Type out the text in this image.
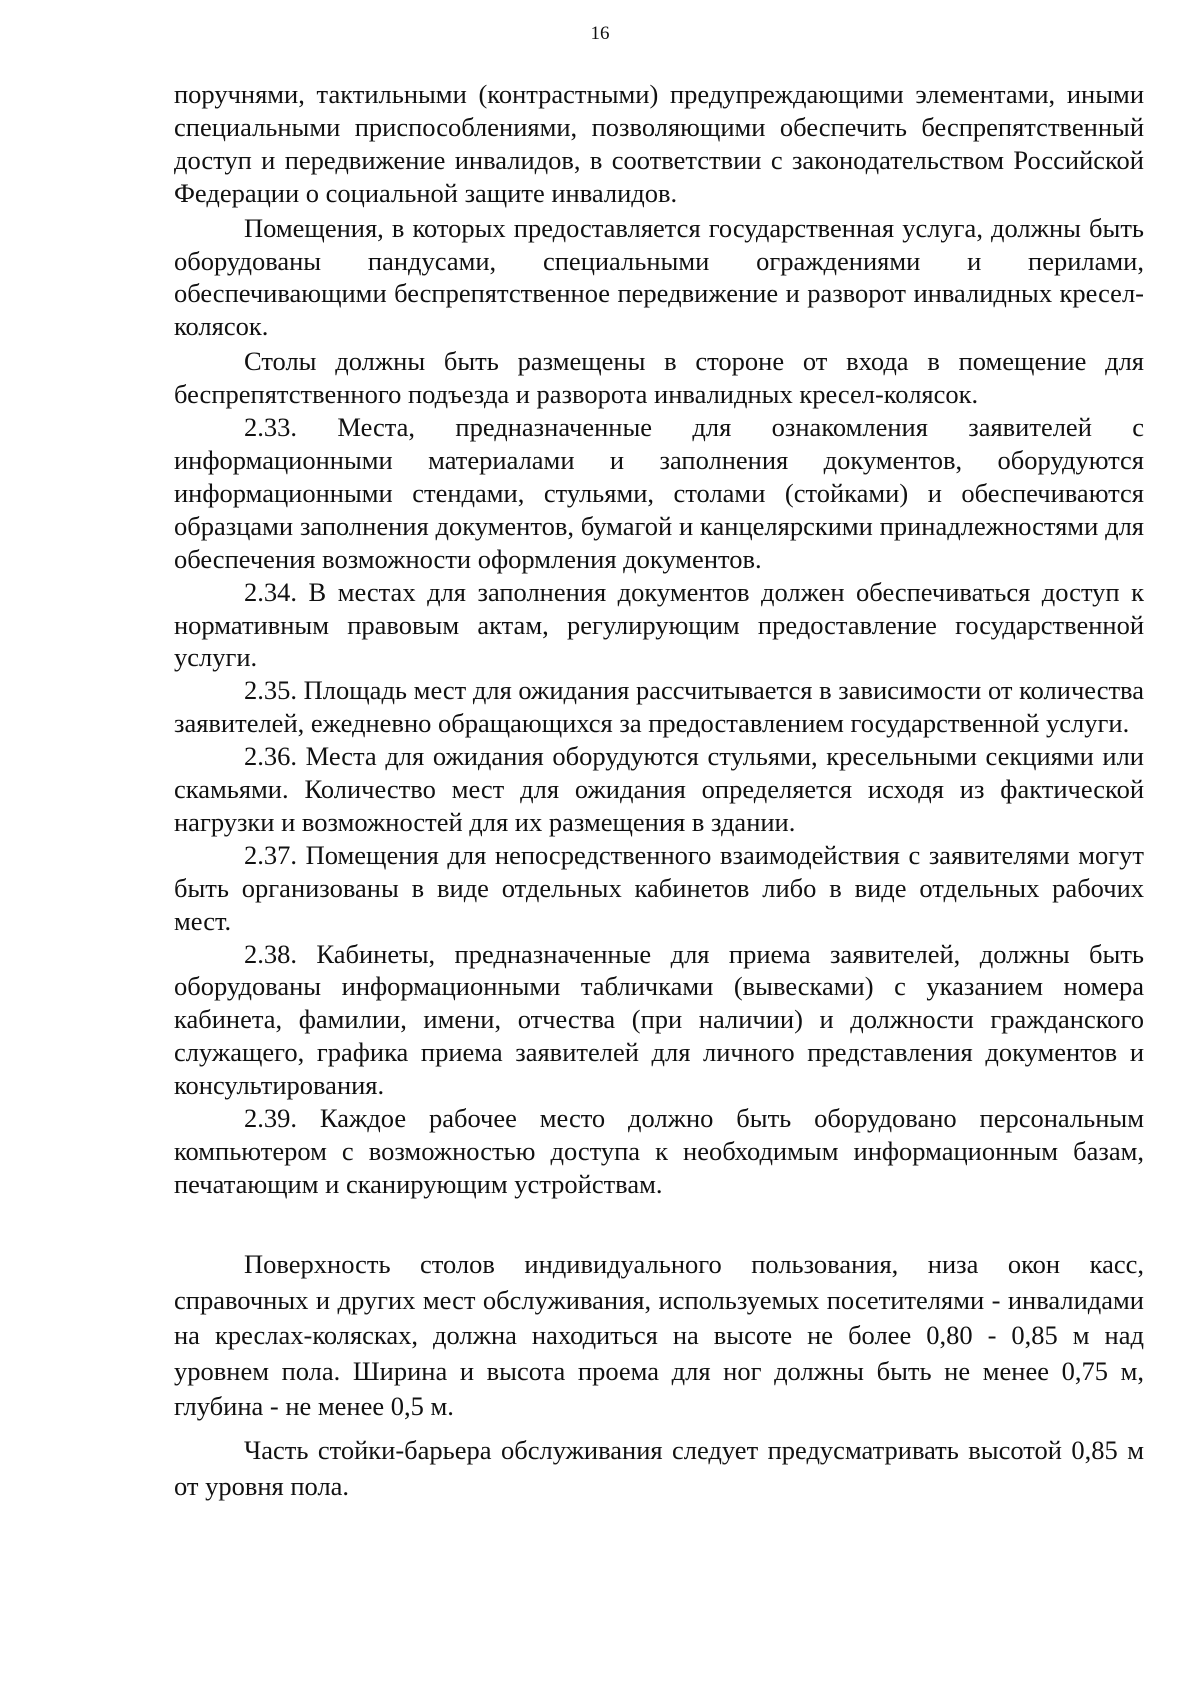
16

поручнями, тактильными (контрастными) предупреждающими элементами, иными специальными приспособлениями, позволяющими обеспечить беспрепятственный доступ и передвижение инвалидов, в соответствии с законодательством Российской Федерации о социальной защите инвалидов.

Помещения, в которых предоставляется государственная услуга, должны быть оборудованы пандусами, специальными ограждениями и перилами, обеспечивающими беспрепятственное передвижение и разворот инвалидных кресел-колясок.

Столы должны быть размещены в стороне от входа в помещение для беспрепятственного подъезда и разворота инвалидных кресел-колясок.

2.33. Места, предназначенные для ознакомления заявителей с информационными материалами и заполнения документов, оборудуются информационными стендами, стульями, столами (стойками) и обеспечиваются образцами заполнения документов, бумагой и канцелярскими принадлежностями для обеспечения возможности оформления документов.

2.34. В местах для заполнения документов должен обеспечиваться доступ к нормативным правовым актам, регулирующим предоставление государственной услуги.

2.35. Площадь мест для ожидания рассчитывается в зависимости от количества заявителей, ежедневно обращающихся за предоставлением государственной услуги.

2.36. Места для ожидания оборудуются стульями, кресельными секциями или скамьями. Количество мест для ожидания определяется исходя из фактической нагрузки и возможностей для их размещения в здании.

2.37. Помещения для непосредственного взаимодействия с заявителями могут быть организованы в виде отдельных кабинетов либо в виде отдельных рабочих мест.

2.38. Кабинеты, предназначенные для приема заявителей, должны быть оборудованы информационными табличками (вывесками) с указанием номера кабинета, фамилии, имени, отчества (при наличии) и должности гражданского служащего, графика приема заявителей для личного представления документов и консультирования.

2.39. Каждое рабочее место должно быть оборудовано персональным компьютером с возможностью доступа к необходимым информационным базам, печатающим и сканирующим устройствам.

Поверхность столов индивидуального пользования, низа окон касс, справочных и других мест обслуживания, используемых посетителями - инвалидами на креслах-колясках, должна находиться на высоте не более 0,80 - 0,85 м над уровнем пола. Ширина и высота проема для ног должны быть не менее 0,75 м, глубина - не менее 0,5 м.

Часть стойки-барьера обслуживания следует предусматривать высотой 0,85 м от уровня пола.
